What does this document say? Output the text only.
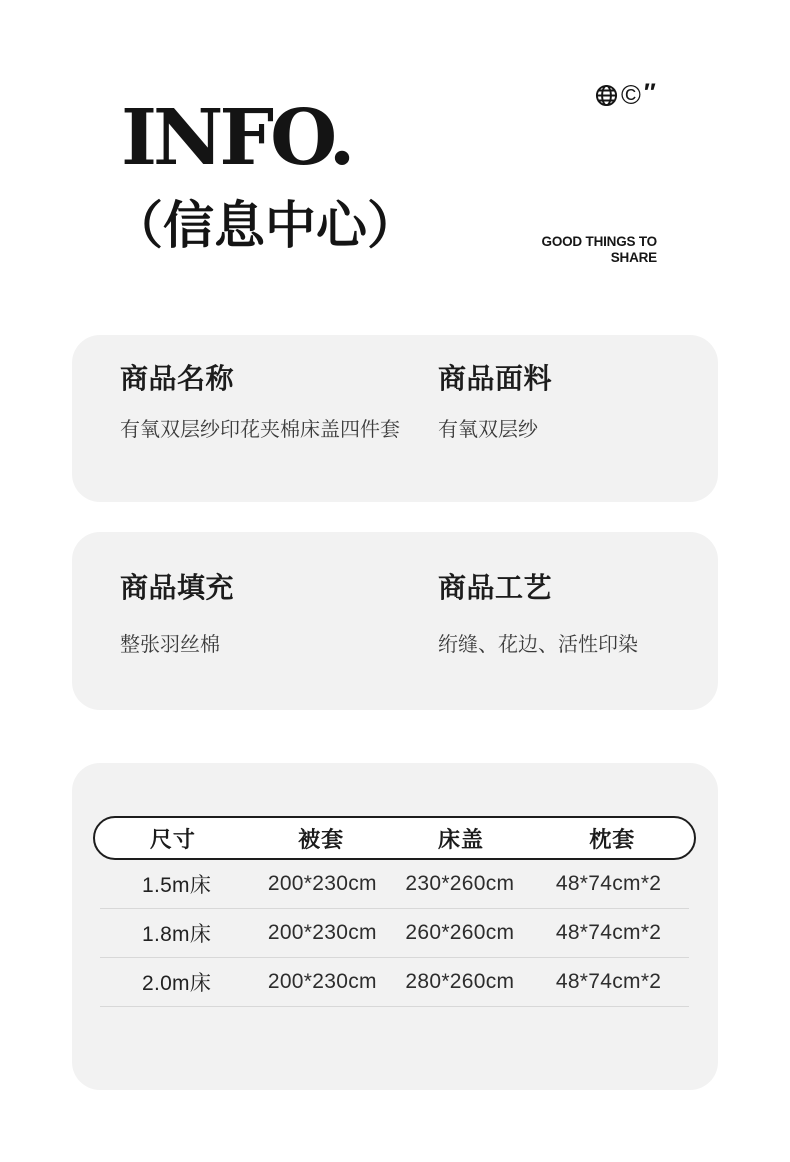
INFO.
（信息中心）
© ″
GOOD THINGS TO
SHARE
商品名称
有氧双层纱印花夹棉床盖四件套
商品面料
有氧双层纱
商品填充
整张羽丝棉
商品工艺
绗缝、花边、活性印染
尺寸	被套	床盖	枕套
1.5m床	200*230cm	230*260cm	48*74cm*2
1.8m床	200*230cm	260*260cm	48*74cm*2
2.0m床	200*230cm	280*260cm	48*74cm*2
